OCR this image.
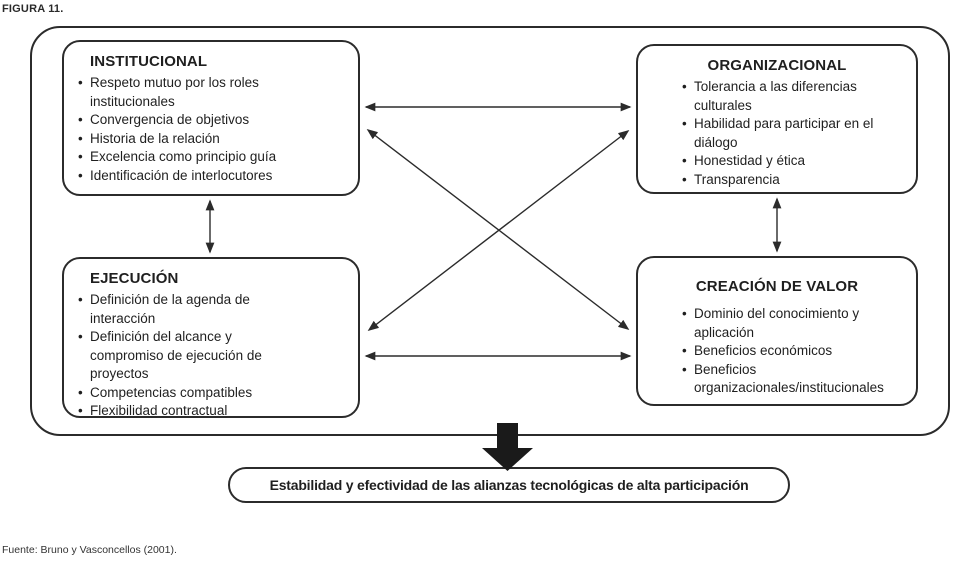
FIGURA 11.
INSTITUCIONAL
• Respeto mutuo por los roles
institucionales
• Convergencia de objetivos
• Historia de la relación
• Excelencia como principio guía
• Identificación de interlocutores
ORGANIZACIONAL
• Tolerancia a las diferencias
culturales
• Habilidad para participar en el
diálogo
• Honestidad y ética
• Transparencia
EJECUCIÓN
• Definición de la agenda de
interacción
• Definición del alcance y
compromiso de ejecución de
proyectos
• Competencias compatibles
• Flexibilidad contractual
CREACIÓN DE VALOR
• Dominio del conocimiento y
aplicación
• Beneficios económicos
• Beneficios
organizacionales/institucionales
Estabilidad y efectividad de las alianzas tecnológicas de alta participación
Fuente: Bruno y Vasconcellos (2001).
